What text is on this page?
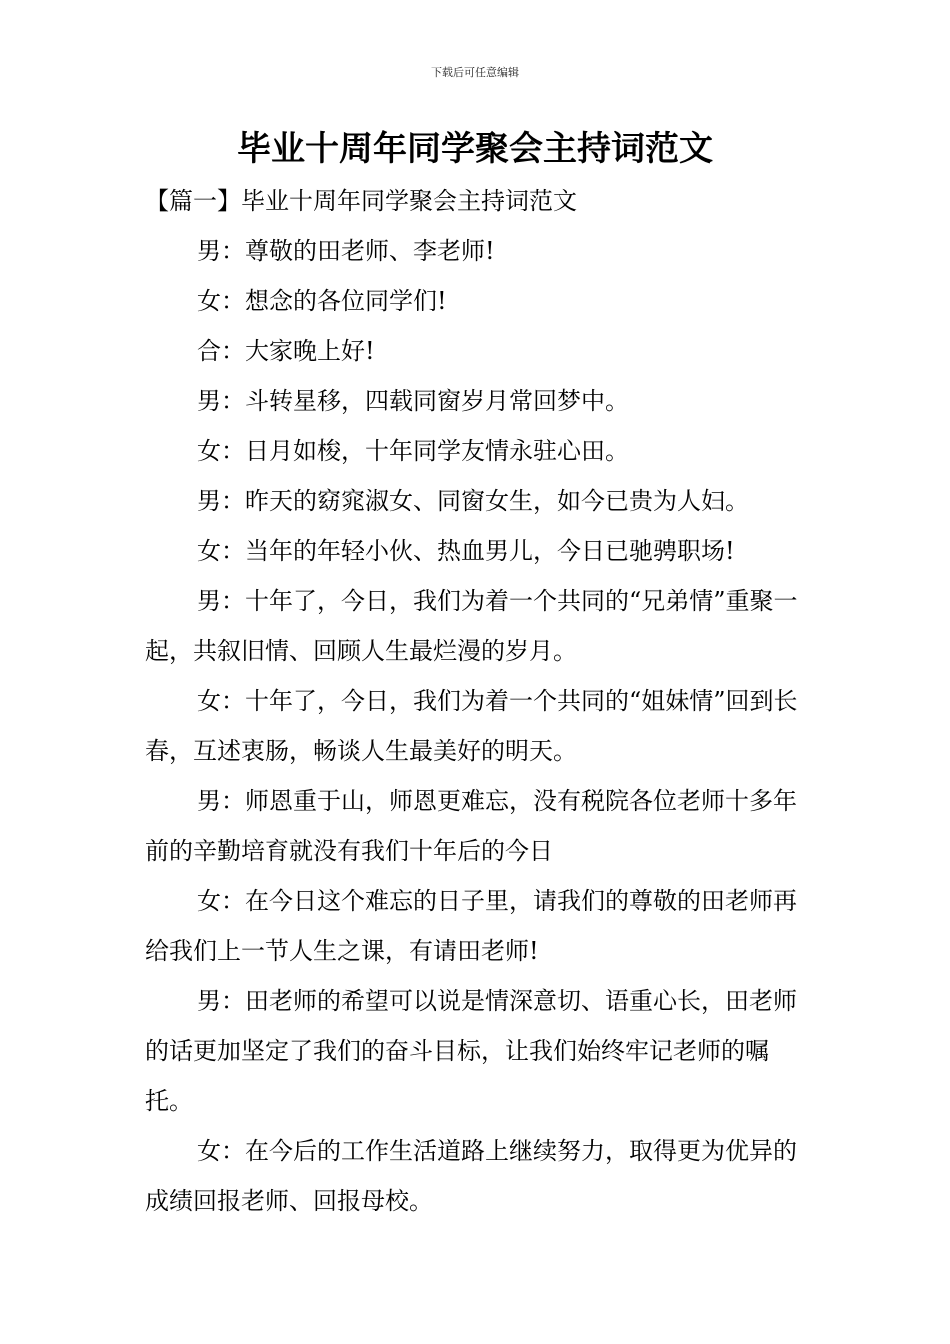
下载后可任意编辑
毕业十周年同学聚会主持词范文

【篇一】毕业十周年同学聚会主持词范文

男：尊敬的田老师、李老师!

女：想念的各位同学们!

合：大家晚上好!

男：斗转星移，四载同窗岁月常回梦中。

女：日月如梭，十年同学友情永驻心田。

男：昨天的窈窕淑女、同窗女生，如今已贵为人妇。

女：当年的年轻小伙、热血男儿，今日已驰骋职场!

男：十年了，今日，我们为着一个共同的“兄弟情”重聚一起，共叙旧情、回顾人生最烂漫的岁月。

女：十年了，今日，我们为着一个共同的“姐妹情”回到长春，互述衷肠，畅谈人生最美好的明天。

男：师恩重于山，师恩更难忘，没有税院各位老师十多年前的辛勤培育就没有我们十年后的今日

女：在今日这个难忘的日子里，请我们的尊敬的田老师再给我们上一节人生之课，有请田老师!

男：田老师的希望可以说是情深意切、语重心长，田老师的话更加坚定了我们的奋斗目标，让我们始终牢记老师的嘱托。

女：在今后的工作生活道路上继续努力，取得更为优异的成绩回报老师、回报母校。
